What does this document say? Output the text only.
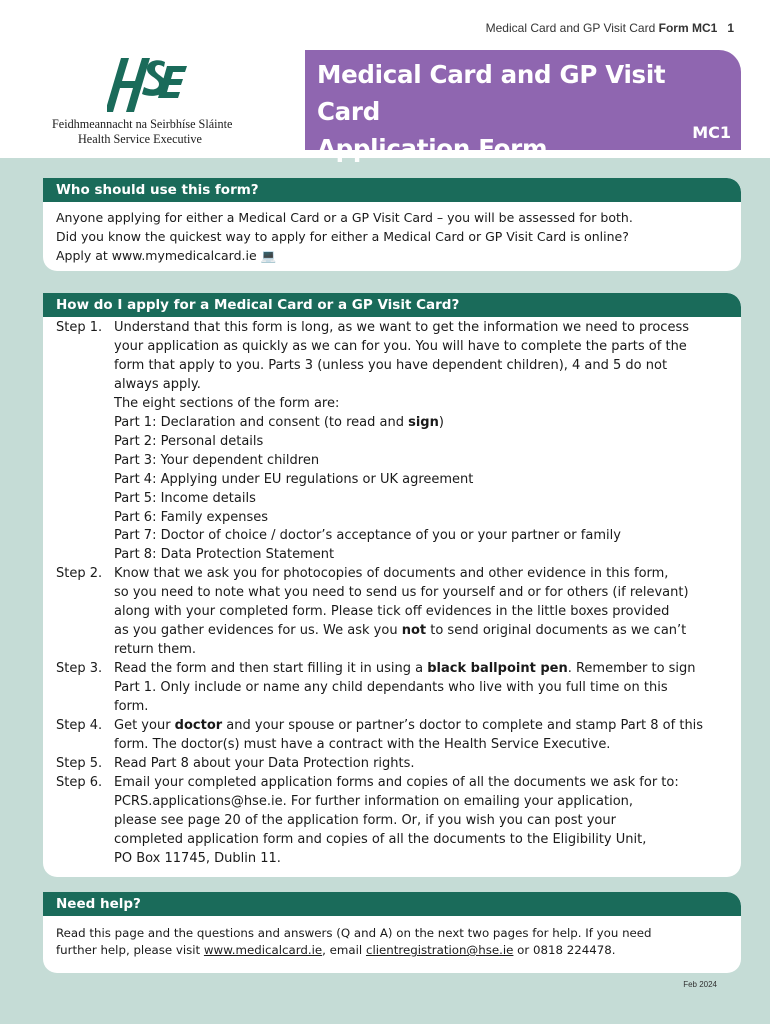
Medical Card and GP Visit Card Form MC1 1
Feidhmeannacht na Seirbhíse Sláinte
Health Service Executive
Medical Card and GP Visit Card
Application Form
MC1
Who should use this form?
Anyone applying for either a Medical Card or a GP Visit Card – you will be assessed for both.
Did you know the quickest way to apply for either a Medical Card or GP Visit Card is online?
Apply at www.mymedicalcard.ie 💻
How do I apply for a Medical Card or a GP Visit Card?
Step 1. Understand that this form is long, as we want to get the information we need to process
your application as quickly as we can for you. You will have to complete the parts of the
form that apply to you. Parts 3 (unless you have dependent children), 4 and 5 do not
always apply.
The eight sections of the form are:
Part 1: Declaration and consent (to read and sign)
Part 2: Personal details
Part 3: Your dependent children
Part 4: Applying under EU regulations or UK agreement
Part 5: Income details
Part 6: Family expenses
Part 7: Doctor of choice / doctor’s acceptance of you or your partner or family
Part 8: Data Protection Statement
Step 2. Know that we ask you for photocopies of documents and other evidence in this form,
so you need to note what you need to send us for yourself and or for others (if relevant)
along with your completed form. Please tick off evidences in the little boxes provided
as you gather evidences for us. We ask you not to send original documents as we can’t
return them.
Step 3. Read the form and then start filling it in using a black ballpoint pen. Remember to sign
Part 1. Only include or name any child dependants who live with you full time on this
form.
Step 4. Get your doctor and your spouse or partner’s doctor to complete and stamp Part 8 of this
form. The doctor(s) must have a contract with the Health Service Executive.
Step 5. Read Part 8 about your Data Protection rights.
Step 6. Email your completed application forms and copies of all the documents we ask for to:
PCRS.applications@hse.ie. For further information on emailing your application,
please see page 20 of the application form. Or, if you wish you can post your
completed application form and copies of all the documents to the Eligibility Unit,
PO Box 11745, Dublin 11.
Need help?
Read this page and the questions and answers (Q and A) on the next two pages for help. If you need
further help, please visit www.medicalcard.ie, email clientregistration@hse.ie or 0818 224478.
Feb 2024
